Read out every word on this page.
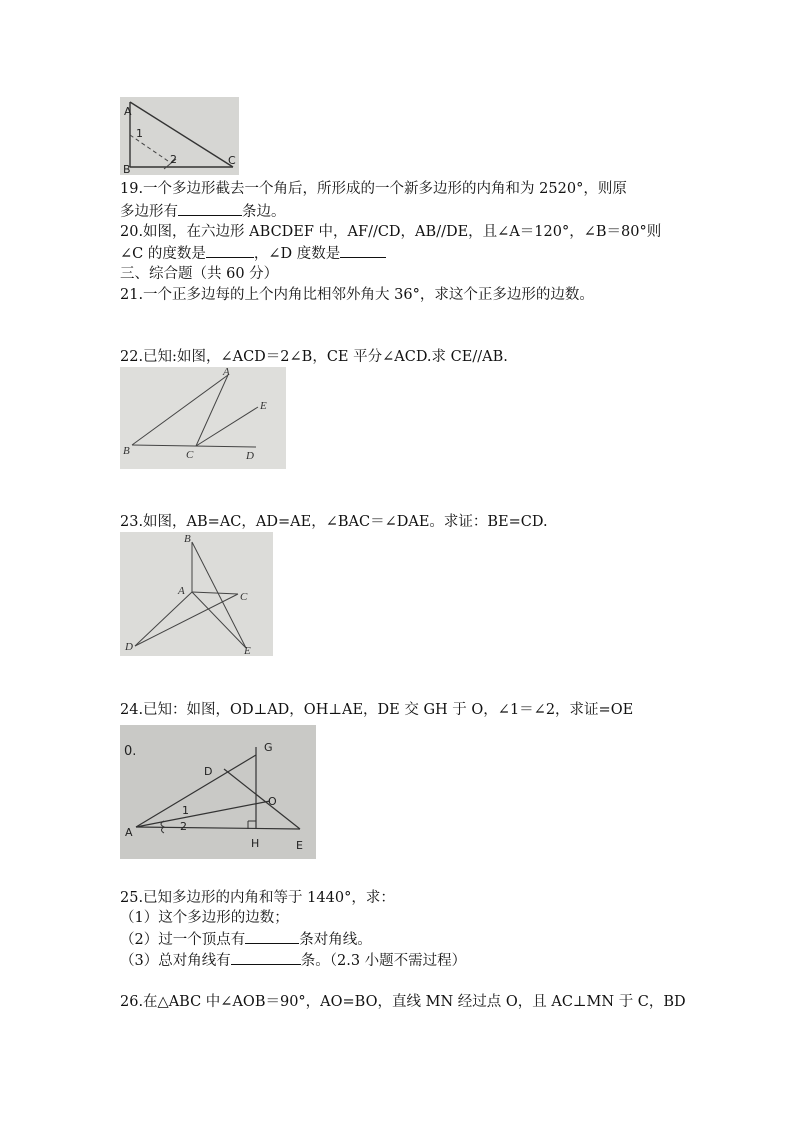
A
B
C
1
2
19.一个多边形截去一个角后，所形成的一个新多边形的内角和为 2520°，则原
多边形有	条边。
20.如图，在六边形 ABCDEF 中，AF//CD，AB//DE，且∠A＝120°，∠B＝80°则
∠C 的度数是	，∠D 度数是
三、综合题（共 60 分）
21.一个正多边每的上个内角比相邻外角大 36°，求这个正多边形的边数。
22.已知:如图，∠ACD＝2∠B，CE 平分∠ACD.求 CE//AB.
A
B	C	D
E
23.如图，AB=AC，AD=AE，∠BAC＝∠DAE。求证：BE=CD.
B
A	C
D	E
24.已知：如图，OD⊥AD，OH⊥AE，DE 交 GH 于 O，∠1＝∠2，求证=OE
0.	G
D
O
1
2
A
H	E
25.已知多边形的内角和等于 1440°，求：
（1）这个多边形的边数；
（2）过一个顶点有	条对角线。
（3）总对角线有	条。（2.3 小题不需过程）
26.在△ABC 中∠AOB＝90°，AO=BO，直线 MN 经过点 O，且 AC⊥MN 于 C，BD
